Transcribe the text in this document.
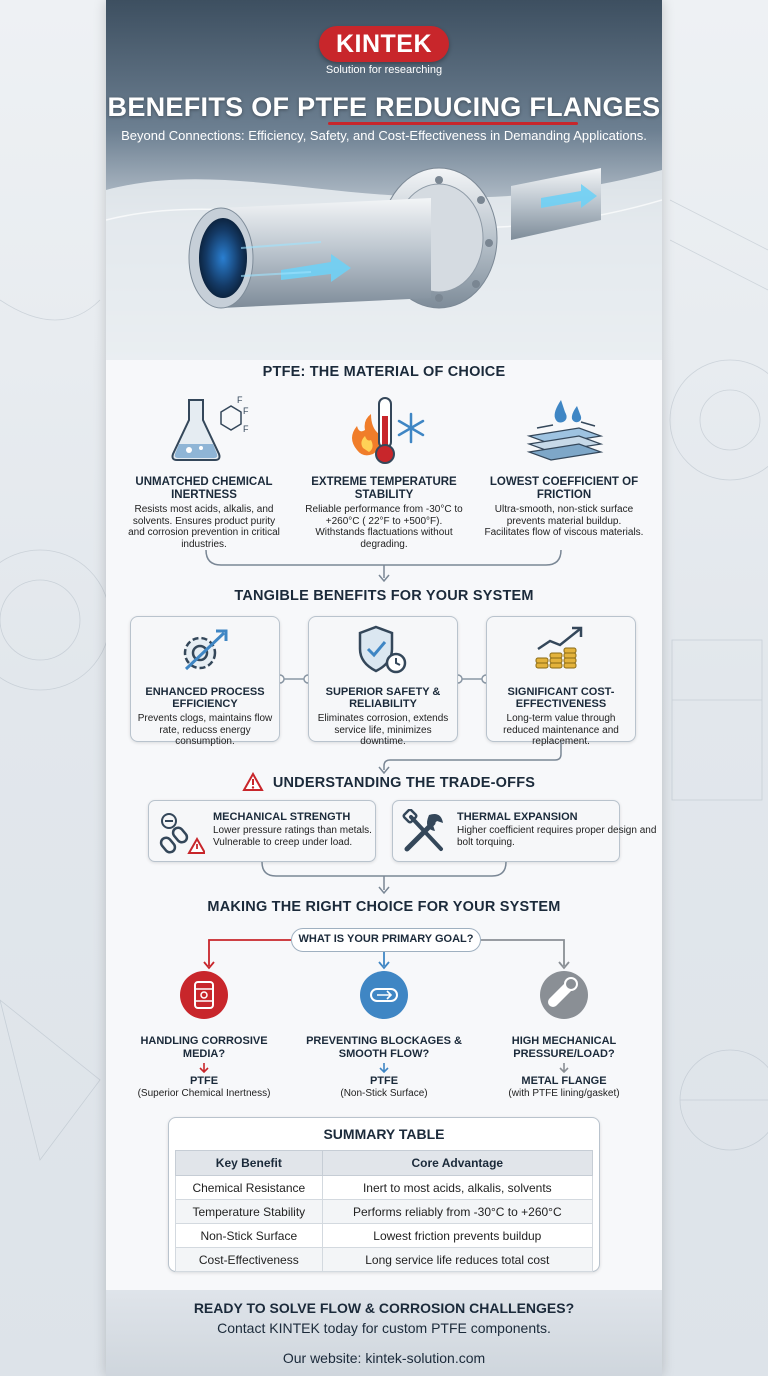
KINTEK
Solution for researching
BENEFITS OF PTFE REDUCING FLANGES
Beyond Connections: Efficiency, Safety, and Cost-Effectiveness in Demanding Applications.
PTFE: THE MATERIAL OF CHOICE
F
F
F
UNMATCHED CHEMICAL INERTNESS

Resists most acids, alkalis, and solvents. Ensures product purity and corrosion prevention in critical industries.

EXTREME TEMPERATURE STABILITY

Reliable performance from -30°C to +260°C ( 22°F to +500°F). Withstands flactuations without degrading.

LOWEST COEFFICIENT OF FRICTION

Ultra-smooth, non-stick surface prevents material buildup. Facilitates flow of viscous materials.

TANGIBLE BENEFITS FOR YOUR SYSTEM
ENHANCED PROCESS EFFICIENCY

Prevents clogs, maintains flow rate, reducss energy consumption.

SUPERIOR SAFETY & RELIABILITY

Eliminates corrosion, extends service life, minimizes downtime.

SIGNIFICANT COST-EFFECTIVENESS

Long-term value through reduced maintenance and replacement.

UNDERSTANDING THE TRADE-OFFS
MECHANICAL STRENGTH

Lower pressure ratings than metals. Vulnerable to creep under load.

THERMAL EXPANSION

Higher coefficient requires proper design and bolt torquing.

MAKING THE RIGHT CHOICE FOR YOUR SYSTEM
WHAT IS YOUR PRIMARY GOAL?
HANDLING CORROSIVE MEDIA?
PTFE
(Superior Chemical Inertness)
PREVENTING BLOCKAGES & SMOOTH FLOW?
PTFE
(Non-Stick Surface)
HIGH MECHANICAL PRESSURE/LOAD?
METAL FLANGE
(with PTFE lining/gasket)
SUMMARY TABLE
Key Benefit	Core Advantage
Chemical Resistance	Inert to most acids, alkalis, solvents
Temperature Stability	Performs reliably from -30°C to +260°C
Non-Stick Surface	Lowest friction prevents buildup
Cost-Effectiveness	Long service life reduces total cost
READY TO SOLVE FLOW & CORROSION CHALLENGES?
Contact KINTEK today for custom PTFE components.
Our website: kintek-solution.com
